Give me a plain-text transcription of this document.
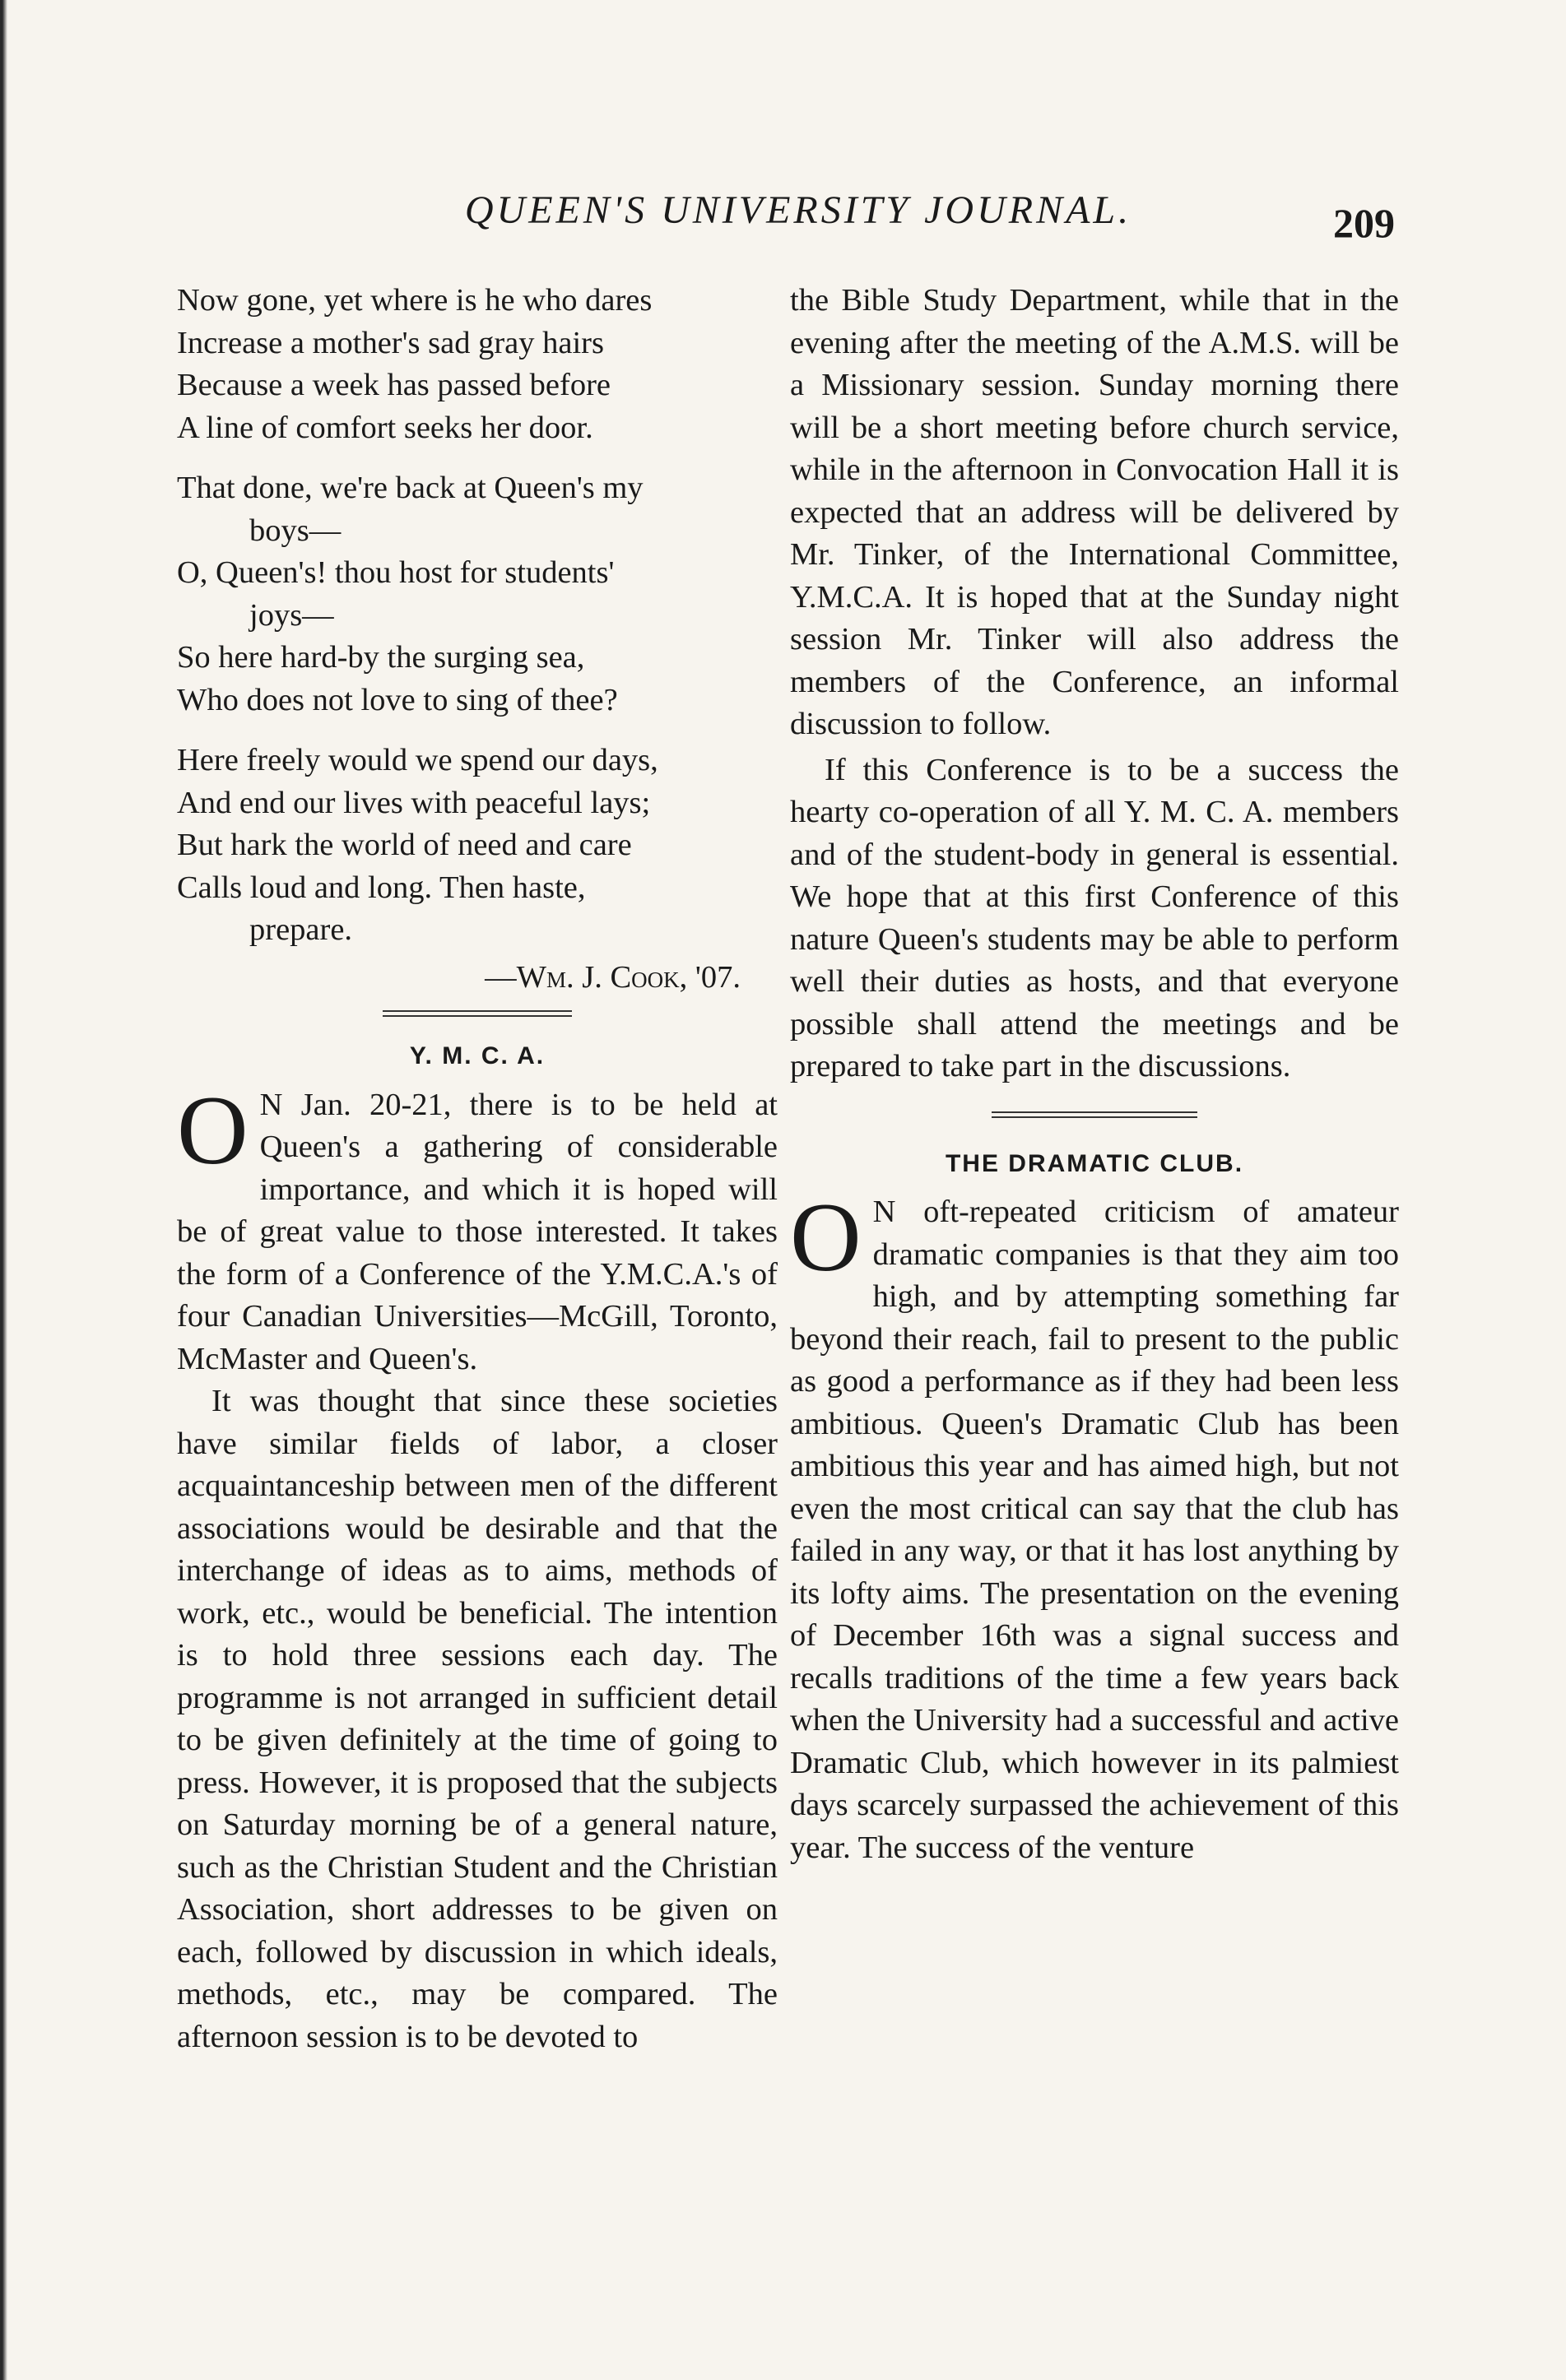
QUEEN'S UNIVERSITY JOURNAL.	209
Now gone, yet where is he who dares
Increase a mother's sad gray hairs
Because a week has passed before
A line of comfort seeks her door.
That done, we're back at Queen's my
boys—
O, Queen's! thou host for students'
joys—
So here hard-by the surging sea,
Who does not love to sing of thee?
Here freely would we spend our days,
And end our lives with peaceful lays;
But hark the world of need and care
Calls loud and long. Then haste,
prepare.
—Wm. J. Cook, '07.
Y. M. C. A.

O N Jan. 20-21, there is to be held at Queen's a gathering of considerable importance, and which it is hoped will be of great value to those interested. It takes the form of a Conference of the Y.M.C.A.'s of four Canadian Universities—McGill, Toronto, McMaster and Queen's.

It was thought that since these societies have similar fields of labor, a closer acquaintanceship between men of the different associations would be desirable and that the interchange of ideas as to aims, methods of work, etc., would be beneficial. The intention is to hold three sessions each day. The programme is not arranged in sufficient detail to be given definitely at the time of going to press. However, it is proposed that the subjects on Saturday morning be of a general nature, such as the Christian Student and the Christian Association, short addresses to be given on each, followed by discussion in which ideals, methods, etc., may be compared. The afternoon session is to be devoted to

the Bible Study Department, while that in the evening after the meeting of the A.M.S. will be a Missionary session. Sunday morning there will be a short meeting before church service, while in the afternoon in Convocation Hall it is expected that an address will be delivered by Mr. Tinker, of the International Committee, Y.M.C.A. It is hoped that at the Sunday night session Mr. Tinker will also address the members of the Conference, an informal discussion to follow.

If this Conference is to be a success the hearty co-operation of all Y. M. C. A. members and of the student-body in general is essential. We hope that at this first Conference of this nature Queen's students may be able to perform well their duties as hosts, and that everyone possible shall attend the meetings and be prepared to take part in the discussions.

THE DRAMATIC CLUB.

O N oft-repeated criticism of amateur dramatic companies is that they aim too high, and by attempting something far beyond their reach, fail to present to the public as good a performance as if they had been less ambitious. Queen's Dramatic Club has been ambitious this year and has aimed high, but not even the most critical can say that the club has failed in any way, or that it has lost anything by its lofty aims. The presentation on the evening of December 16th was a signal success and recalls traditions of the time a few years back when the University had a successful and active Dramatic Club, which however in its palmiest days scarcely surpassed the achievement of this year. The success of the venture
